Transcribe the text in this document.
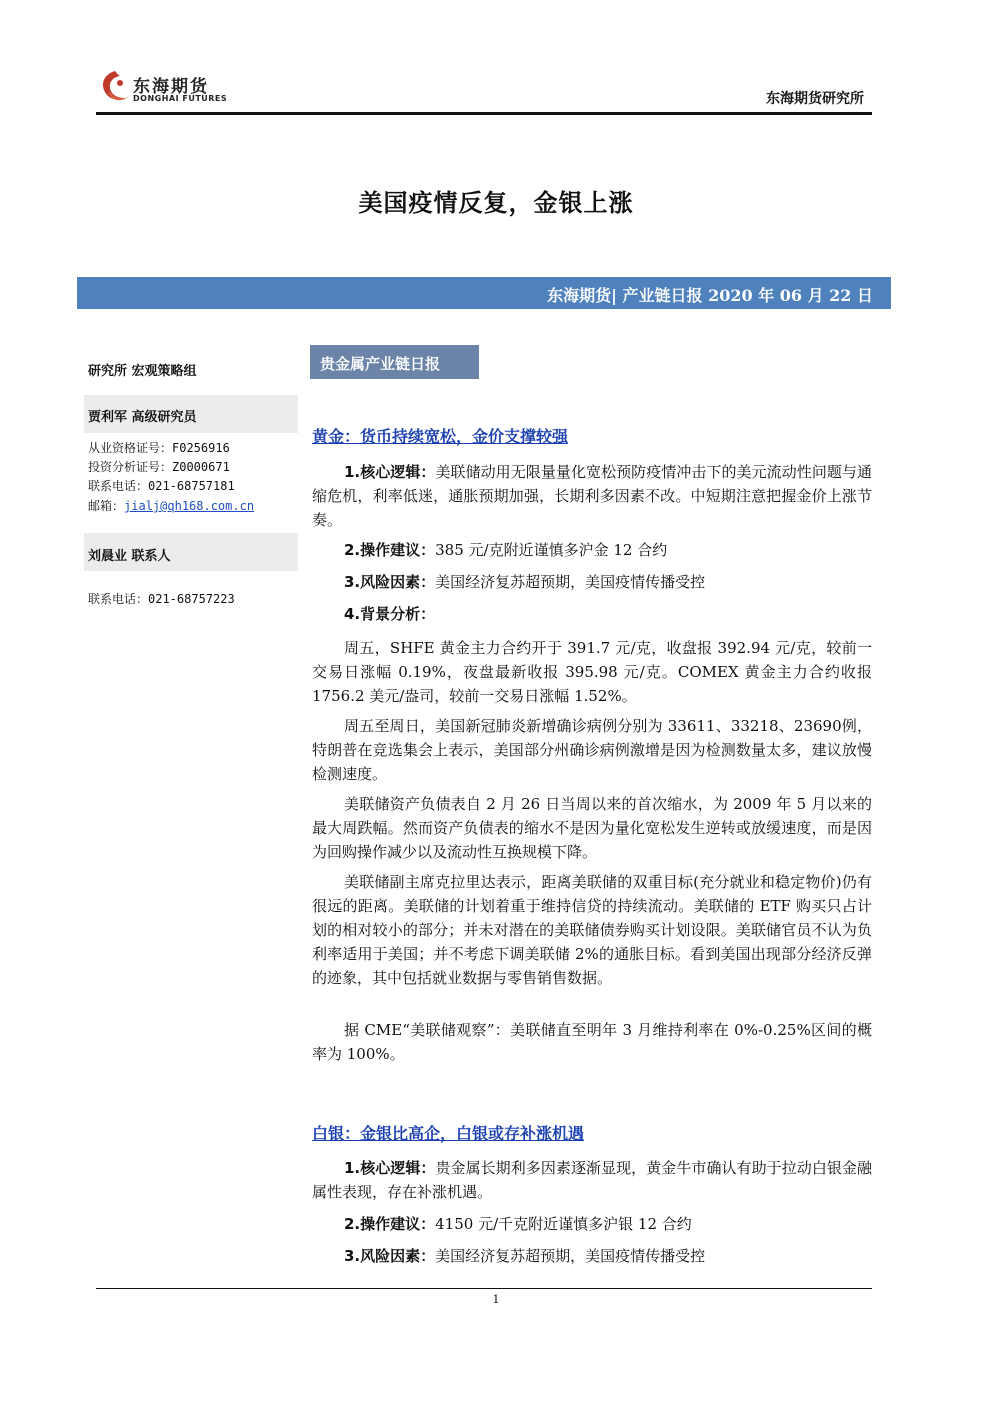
东海期货
DONGHAI FUTURES	东海期货研究所
美国疫情反复，金银上涨
东海期货| 产业链日报 2020 年 06 月 22 日
研究所 宏观策略组
贾利军 高级研究员
从业资格证号：F0256916
投资分析证号：Z0000671
联系电话：021-68757181
邮箱：jialj@qh168.com.cn
刘晨业 联系人
联系电话：021-68757223
贵金属产业链日报
黄金：货币持续宽松，金价支撑较强
1.核心逻辑：美联储动用无限量量化宽松预防疫情冲击下的美元流动性问题与通缩危机，利率低迷，通胀预期加强，长期利多因素不改。中短期注意把握金价上涨节奏。
2.操作建议：385 元/克附近谨慎多沪金 12 合约
3.风险因素：美国经济复苏超预期，美国疫情传播受控
4.背景分析：
周五，SHFE 黄金主力合约开于 391.7 元/克，收盘报 392.94 元/克，较前一交易日涨幅 0.19%，夜盘最新收报 395.98 元/克。COMEX 黄金主力合约收报1756.2 美元/盎司，较前一交易日涨幅 1.52%。
周五至周日，美国新冠肺炎新增确诊病例分别为 33611、33218、23690例，特朗普在竞选集会上表示，美国部分州确诊病例激增是因为检测数量太多，建议放慢检测速度。
美联储资产负债表自 2 月 26 日当周以来的首次缩水，为 2009 年 5 月以来的最大周跌幅。然而资产负债表的缩水不是因为量化宽松发生逆转或放缓速度，而是因为回购操作减少以及流动性互换规模下降。
美联储副主席克拉里达表示，距离美联储的双重目标(充分就业和稳定物价)仍有很远的距离。美联储的计划着重于维持信贷的持续流动。美联储的 ETF 购买只占计划的相对较小的部分；并未对潜在的美联储债券购买计划设限。美联储官员不认为负利率适用于美国；并不考虑下调美联储 2%的通胀目标。看到美国出现部分经济反弹的迹象，其中包括就业数据与零售销售数据。
据 CME“美联储观察”：美联储直至明年 3 月维持利率在 0%-0.25%区间的概率为 100%。
白银：金银比高企，白银或存补涨机遇
1.核心逻辑：贵金属长期利多因素逐渐显现，黄金牛市确认有助于拉动白银金融属性表现，存在补涨机遇。
2.操作建议：4150 元/千克附近谨慎多沪银 12 合约
3.风险因素：美国经济复苏超预期，美国疫情传播受控
1
